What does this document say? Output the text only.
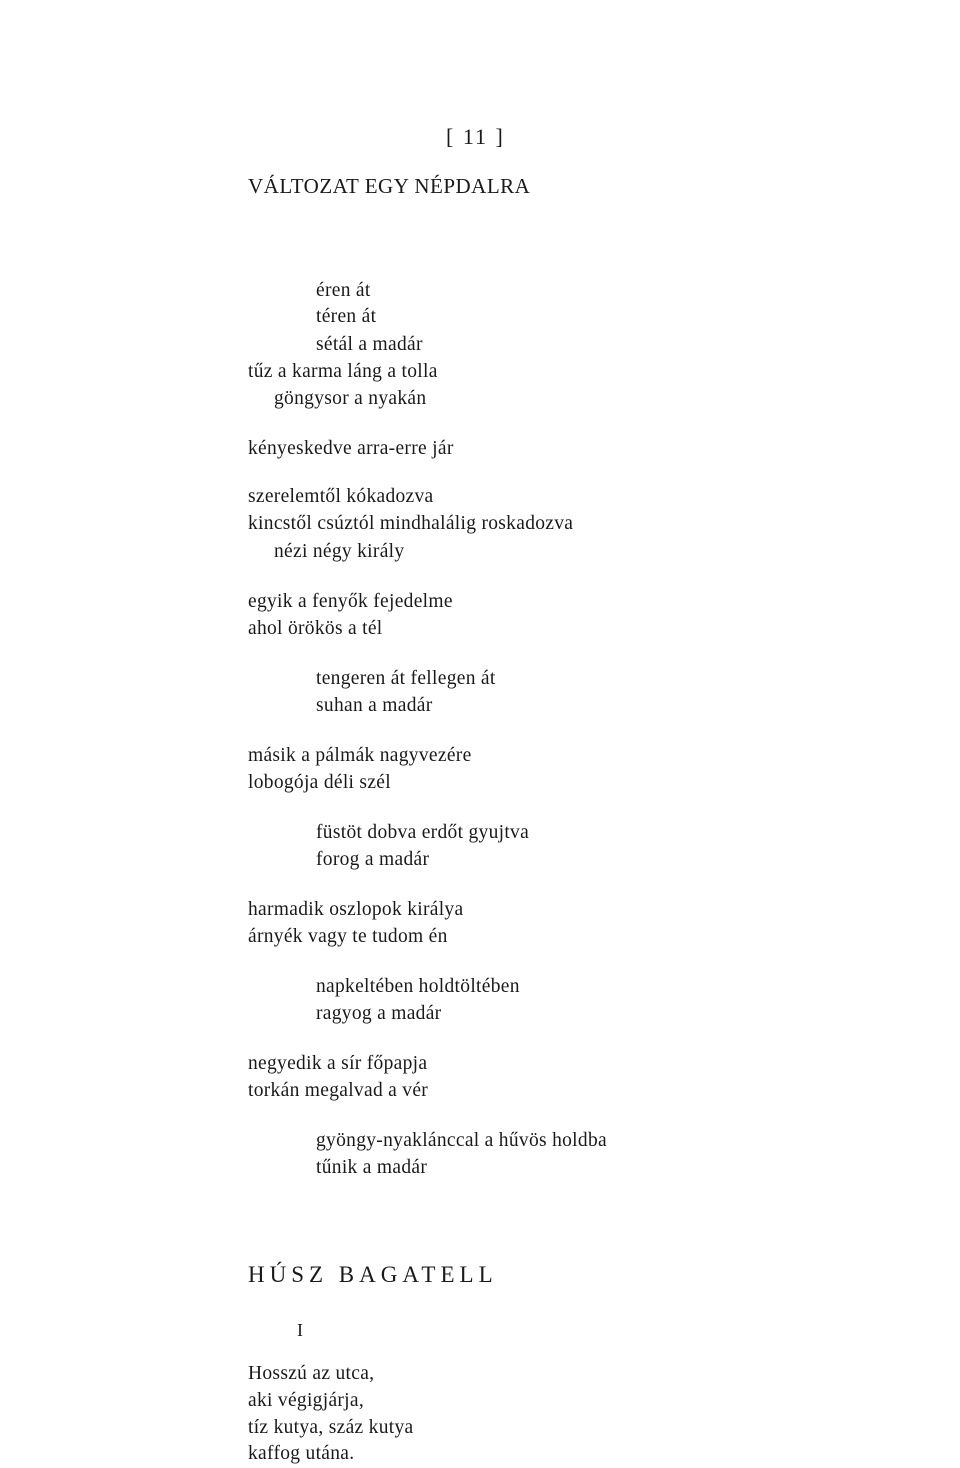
[ 11 ]
VÁLTOZAT EGY NÉPDALRA
éren át
téren át
sétál a madár
tűz a karma láng a tolla
göngysor a nyakán
kényeskedve arra-erre jár
szerelemtől kókadozva
kincstől csúztól mindhalálig roskadozva
nézi négy király
egyik a fenyők fejedelme
ahol örökös a tél
tengeren át fellegen át
suhan a madár
másik a pálmák nagyvezére
lobogója déli szél
füstöt dobva erdőt gyujtva
forog a madár
harmadik oszlopok királya
árnyék vagy te tudom én
napkeltében holdtöltében
ragyog a madár
negyedik a sír főpapja
torkán megalvad a vér
gyöngy-nyaklánccal a hűvös holdba
tűnik a madár
HÚSZ BAGATELL
I
Hosszú az utca,
aki végigjárja,
tíz kutya, száz kutya
kaffog utána.
